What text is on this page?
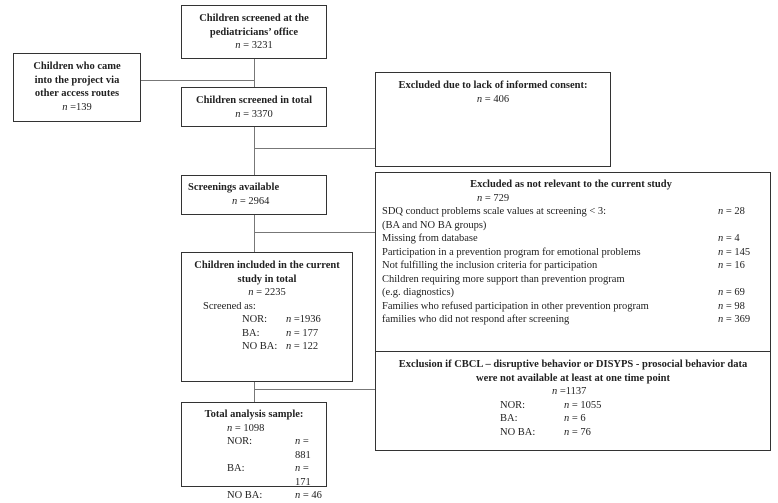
Children screened at the
pediatricians’ office
n = 3231
Children who came
into the project via
other access routes
n =139
Children screened in total
n = 3370
Excluded due to lack of informed consent:
n = 406
Screenings available
n = 2964
Excluded as not relevant to the current study
n = 729
SDQ conduct problems scale values at screening < 3:	n = 28
(BA and NO BA groups)
Missing from database	n = 4
Participation in a prevention program for emotional problems	n = 145
Not fulfilling the inclusion criteria for participation	n = 16
Children requiring more support than prevention program
(e.g. diagnostics)	n = 69
Families who refused participation in other prevention program	n = 98
families who did not respond after screening	n = 369
Exclusion if CBCL – disruptive behavior or DISYPS - prosocial behavior data
were not available at least at one time point
n =1137
NOR:	n = 1055
BA:	n = 6
NO BA:	n = 76
Children included in the current
study in total
n = 2235
Screened as:
NOR:	n =1936
BA:	n = 177
NO BA: n = 122
Total analysis sample:
n = 1098
NOR:	n = 881
BA:	n = 171
NO BA:	n = 46
